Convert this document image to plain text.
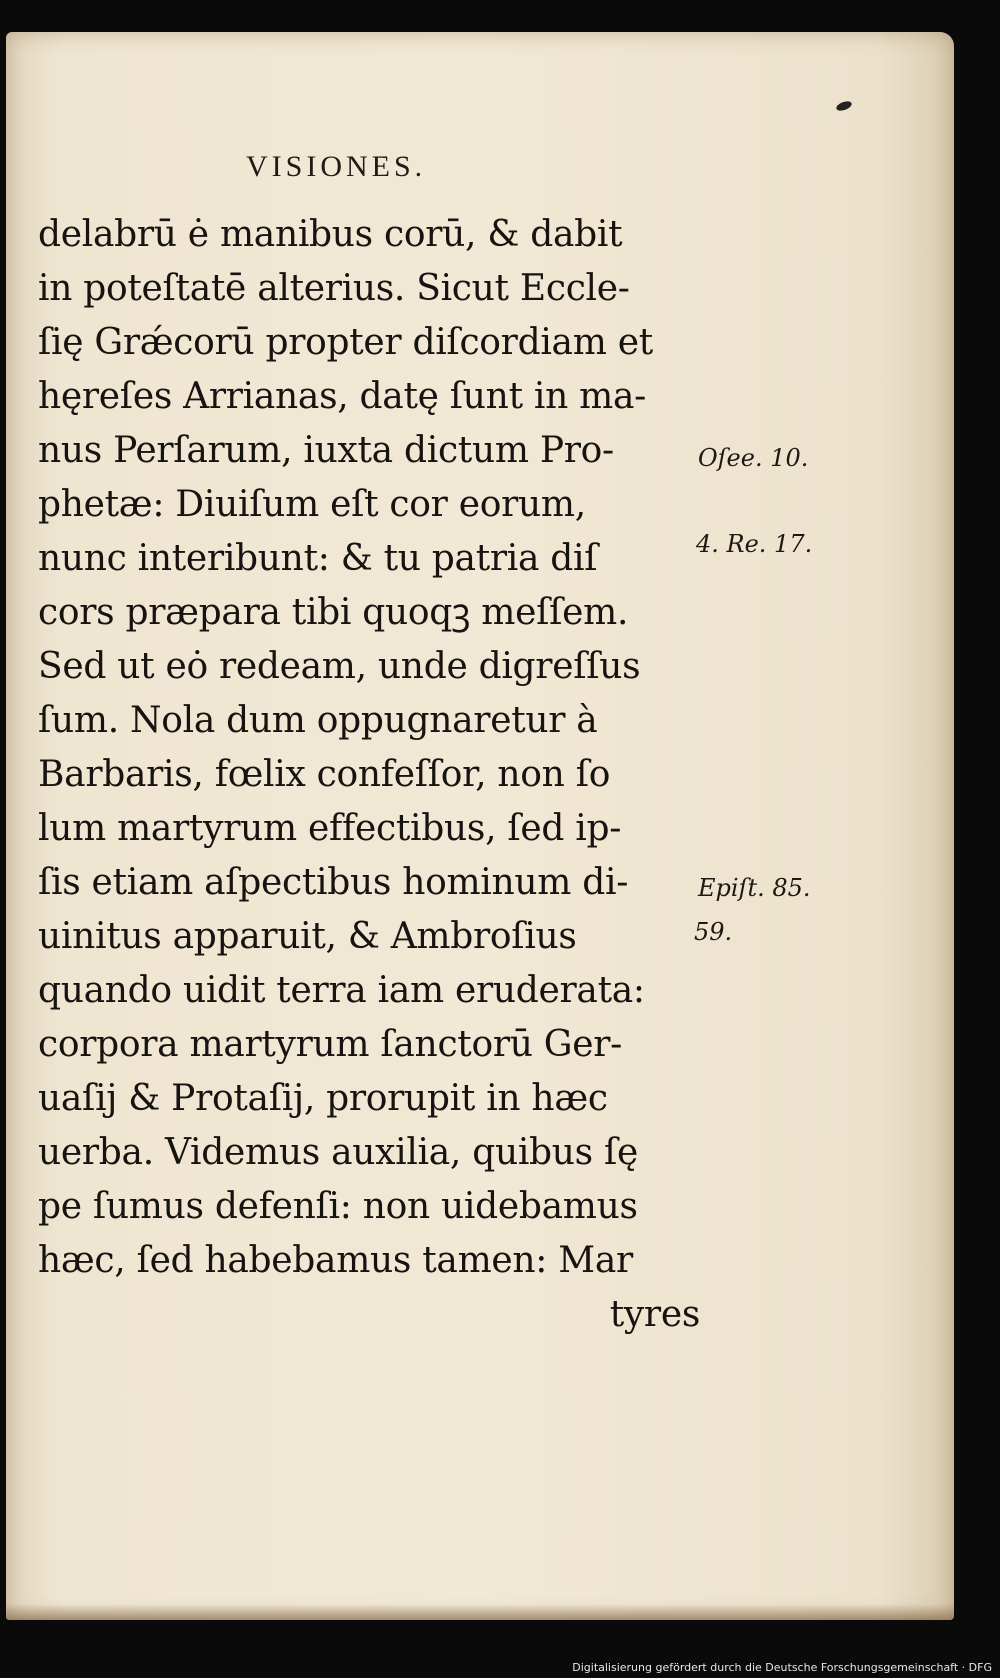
VISIONES.
delabrū ė manibus corū, & dabit
in poteſtatē alterius. Sicut Eccle-
ſię Grǽcorū propter diſcordiam et
hęreſes Arrianas, datę ſunt in ma-
nus Perſarum, iuxta dictum Pro-
phetæ: Diuiſum eſt cor eorum,
nunc interibunt: & tu patria diſ
cors præpara tibi quoqꝫ meſſem.
Sed ut eȯ redeam, unde digreſſus
ſum. Nola dum oppugnaretur à
Barbaris, fœlix confeſſor, non ſo
lum martyrum effectibus, ſed ip-
ſis etiam aſpectibus hominum di-
uinitus apparuit, & Ambroſius
quando uidit terra iam eruderata:
corpora martyrum ſanctorū Ger-
uaſij & Protaſij, prorupit in hæc
uerba. Videmus auxilia, quibus ſę
pe ſumus defenſi: non uidebamus
hæc, ſed habebamus tamen: Mar
tyres
Oſee. 10.
4. Re. 17.
Epiſt. 85.
59.
Digitalisierung gefördert durch die Deutsche Forschungsgemeinschaft · DFG
